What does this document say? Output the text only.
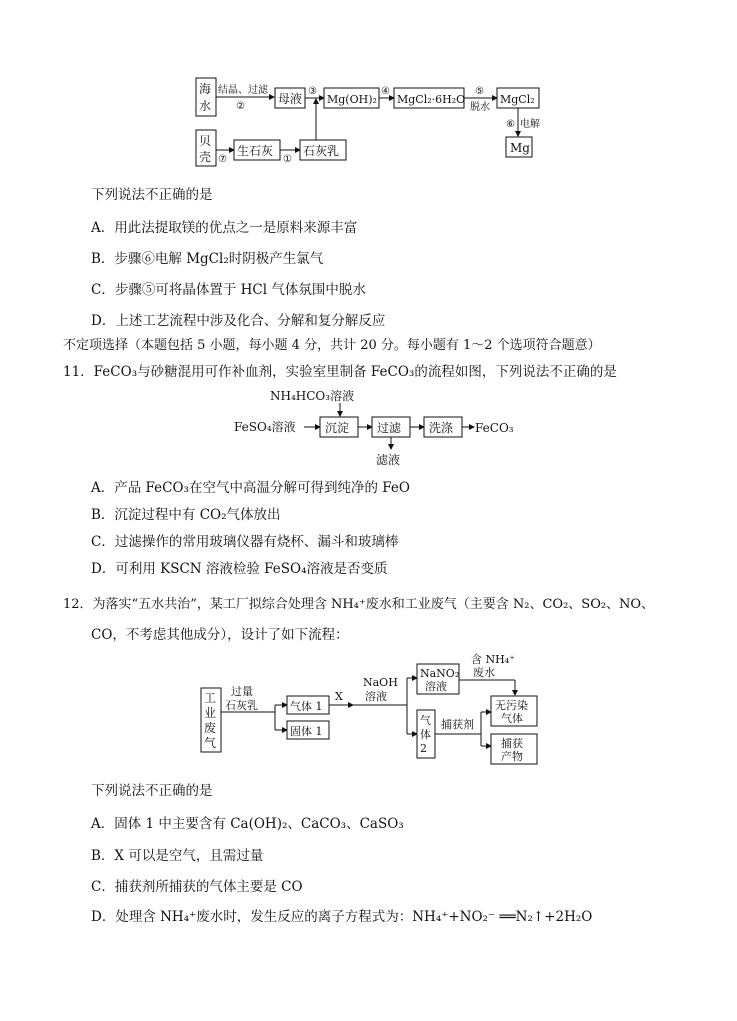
海
水
结晶、过滤
②
母液
③
Mg(OH)₂
④
MgCl₂·6H₂O
⑤
脱水
MgCl₂
⑥ 电解
Mg
贝
壳 ⑦
生石灰
①
石灰乳
下列说法不正确的是
A．用此法提取镁的优点之一是原料来源丰富
B．步骤⑥电解 MgCl₂时阴极产生氯气
C．步骤⑤可将晶体置于 HCl 气体氛围中脱水
D．上述工艺流程中涉及化合、分解和复分解反应
不定项选择（本题包括 5 小题，每小题 4 分，共计 20 分。每小题有 1～2 个选项符合题意）
11．FeCO₃与砂糖混用可作补血剂，实验室里制备 FeCO₃的流程如图，下列说法不正确的是
NH₄HCO₃溶液
FeSO₄溶液 沉淀 过滤 洗涤 FeCO₃
滤液
A．产品 FeCO₃在空气中高温分解可得到纯净的 FeO
B．沉淀过程中有 CO₂气体放出
C．过滤操作的常用玻璃仪器有烧杯、漏斗和玻璃棒
D．可利用 KSCN 溶液检验 FeSO₄溶液是否变质
12．为落实“五水共治”，某工厂拟综合处理含 NH₄⁺废水和工业废气（主要含 N₂、CO₂、SO₂、NO、
CO，不考虑其他成分），设计了如下流程：
工
业
废
气
过量
石灰乳	气体 1
固体 1
X
NaOH
溶液
NaNO₂
溶液
含 NH₄⁺
废水
气
体
2
捕获剂
无污染
气体
捕获
产物
下列说法不正确的是
A．固体 1 中主要含有 Ca(OH)₂、CaCO₃、CaSO₃
B．X 可以是空气，且需过量
C．捕获剂所捕获的气体主要是 CO
D．处理含 NH₄⁺废水时，发生反应的离子方程式为：NH₄⁺+NO₂⁻ ══N₂↑+2H₂O
